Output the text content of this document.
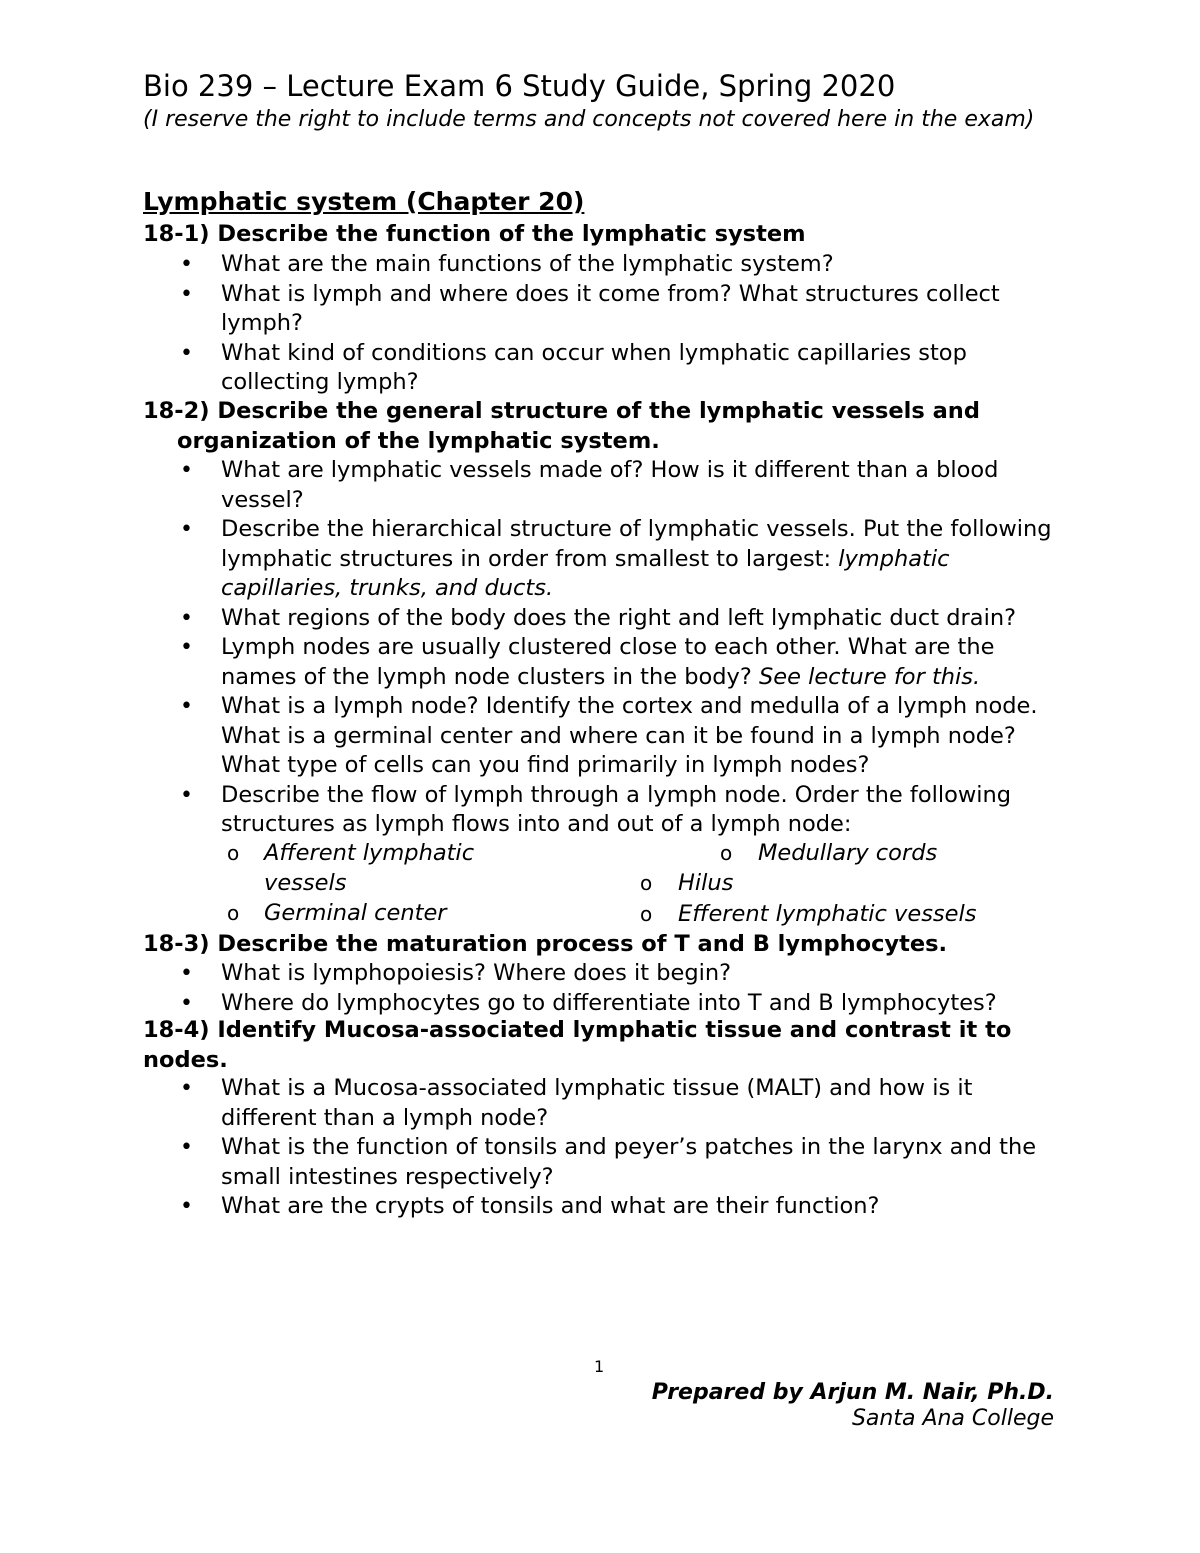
Bio 239 – Lecture Exam 6 Study Guide, Spring 2020
(I reserve the right to include terms and concepts not covered here in the exam)
Lymphatic system (Chapter 20)
18-1) Describe the function of the lymphatic system
• What are the main functions of the lymphatic system?
• What is lymph and where does it come from? What structures collect lymph?
• What kind of conditions can occur when lymphatic capillaries stop collecting lymph?
18-2) Describe the general structure of the lymphatic vessels and organization of the lymphatic system.
• What are lymphatic vessels made of? How is it different than a blood vessel?
• Describe the hierarchical structure of lymphatic vessels. Put the following lymphatic structures in order from smallest to largest: lymphatic capillaries, trunks, and ducts.
• What regions of the body does the right and left lymphatic duct drain?
• Lymph nodes are usually clustered close to each other. What are the names of the lymph node clusters in the body? See lecture for this.
• What is a lymph node? Identify the cortex and medulla of a lymph node. What is a germinal center and where can it be found in a lymph node? What type of cells can you find primarily in lymph nodes?
• Describe the flow of lymph through a lymph node. Order the following structures as lymph flows into and out of a lymph node:
o Afferent lymphatic vessels
o Medullary cords
o Hilus
o Germinal center	o Efferent lymphatic vessels
18-3) Describe the maturation process of T and B lymphocytes.
• What is lymphopoiesis? Where does it begin?
• Where do lymphocytes go to differentiate into T and B lymphocytes?
18-4) Identify Mucosa-associated lymphatic tissue and contrast it to nodes.
• What is a Mucosa-associated lymphatic tissue (MALT) and how is it different than a lymph node?
• What is the function of tonsils and peyer’s patches in the larynx and the small intestines respectively?
• What are the crypts of tonsils and what are their function?
1
Prepared by Arjun M. Nair, Ph.D.
Santa Ana College
